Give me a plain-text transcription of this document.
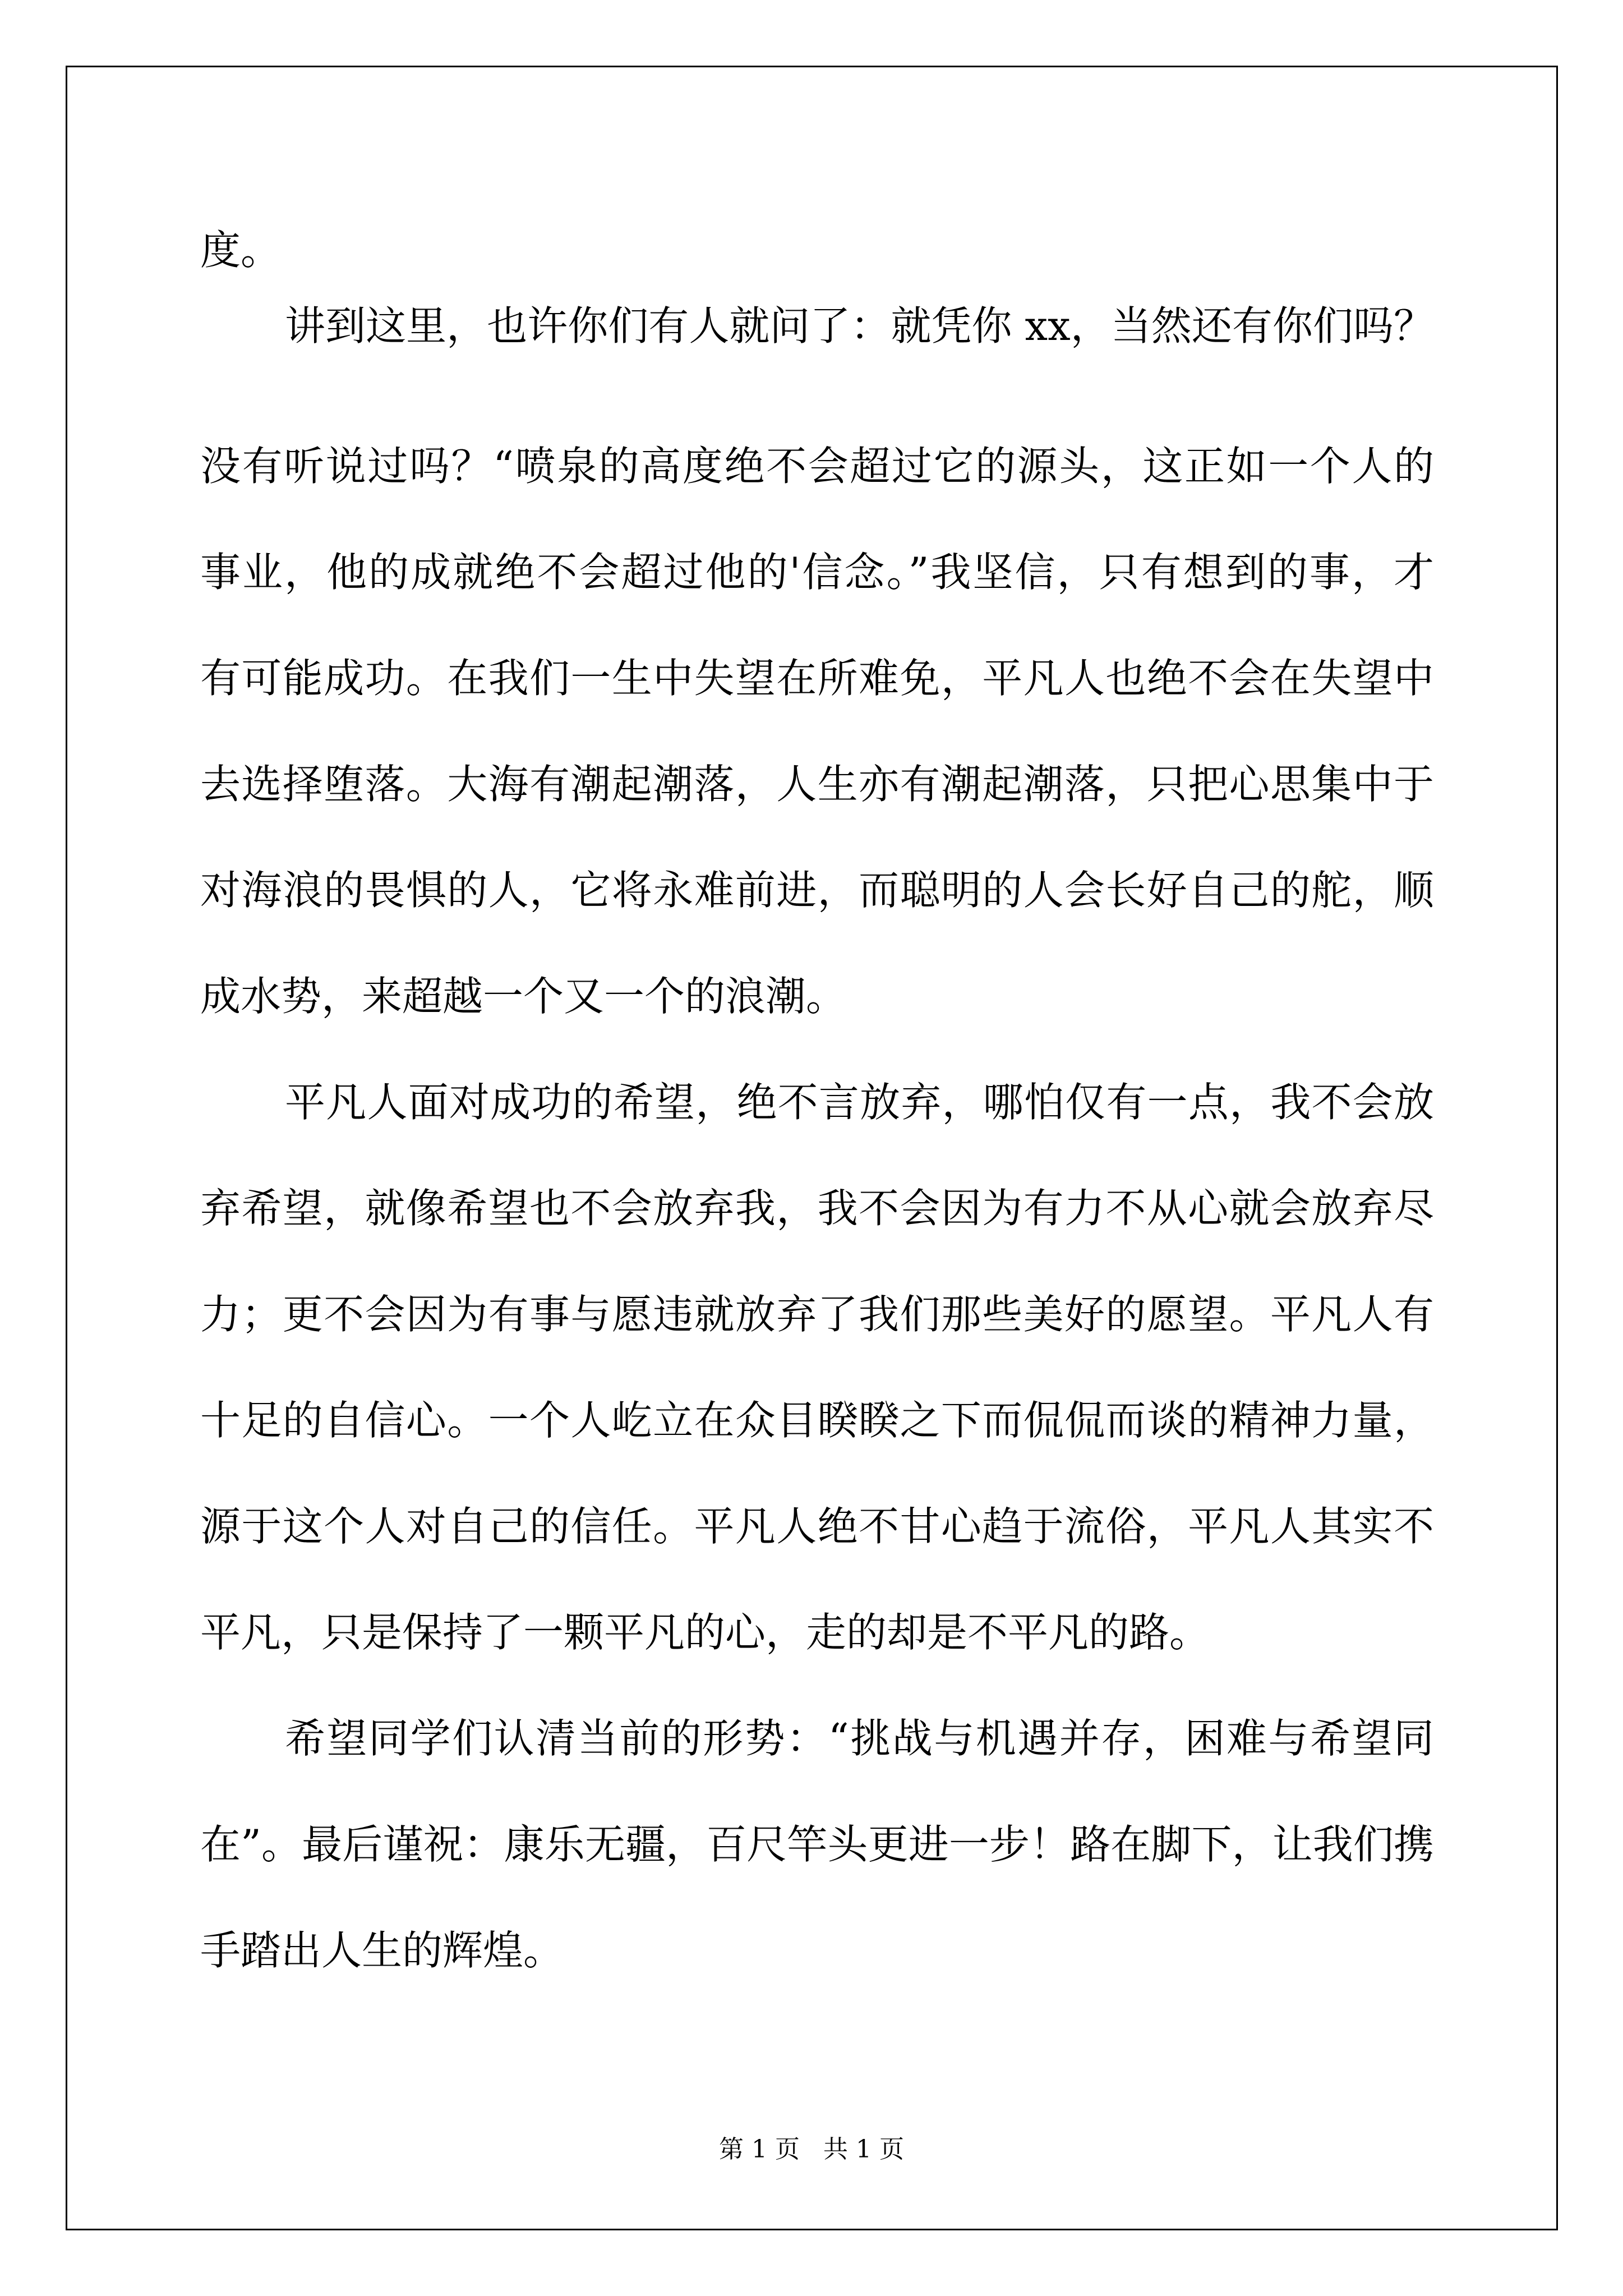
度。
讲到这里，也许你们有人就问了：就凭你 xx，当然还有你们吗？
没有听说过吗？“喷泉的高度绝不会超过它的源头，这正如一个人的
事业，他的成就绝不会超过他的'信念。”我坚信，只有想到的事，才
有可能成功。在我们一生中失望在所难免，平凡人也绝不会在失望中
去选择堕落。大海有潮起潮落，人生亦有潮起潮落，只把心思集中于
对海浪的畏惧的人，它将永难前进，而聪明的人会长好自己的舵，顺
成水势，来超越一个又一个的浪潮。
平凡人面对成功的希望，绝不言放弃，哪怕仅有一点，我不会放
弃希望，就像希望也不会放弃我，我不会因为有力不从心就会放弃尽
力；更不会因为有事与愿违就放弃了我们那些美好的愿望。平凡人有
十足的自信心。一个人屹立在众目睽睽之下而侃侃而谈的精神力量，
源于这个人对自己的信任。平凡人绝不甘心趋于流俗，平凡人其实不
平凡，只是保持了一颗平凡的心，走的却是不平凡的路。
希望同学们认清当前的形势：“挑战与机遇并存，困难与希望同
在”。最后谨祝：康乐无疆，百尺竿头更进一步！路在脚下，让我们携
手踏出人生的辉煌。
第 1 页   共 1 页
